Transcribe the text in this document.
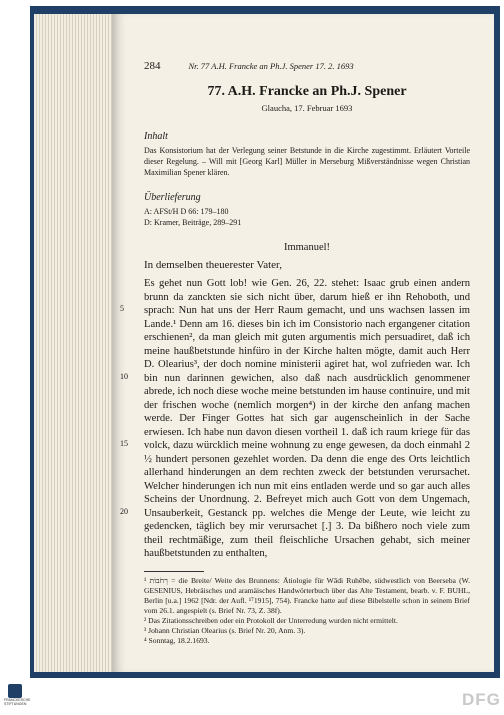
284	Nr. 77 A.H. Francke an Ph.J. Spener 17. 2. 1693
77. A.H. Francke an Ph.J. Spener

Glaucha, 17. Februar 1693

Inhalt

Das Konsistorium hat der Verlegung seiner Betstunde in die Kirche zugestimmt. Erläutert Vorteile dieser Regelung. – Will mit [Georg Karl] Müller in Merseburg Mißverständnisse wegen Christian Maximilian Spener klären.

Überlieferung

A: AFSt/H D 66: 179–180

D: Kramer, Beiträge, 289–291

Immanuel!

In demselben theuerester Vater,

5
10
15
20

Es gehet nun Gott lob! wie Gen. 26, 22. stehet: Isaac grub einen andern brunn da zanckten sie sich nicht über, darum hieß er ihn Rehoboth, und sprach: Nun hat uns der Herr Raum gemacht, und uns wachsen lassen im Lande.¹ Denn am 16. dieses bin ich im Consistorio nach ergangener citation erschienen², da man gleich mit guten argumentis mich persuadiret, daß ich meine haußbetstunde hinfüro in der Kirche halten mögte, damit auch Herr D. Olearius³, der doch nomine ministerii agiret hat, wol zufrieden war. Ich bin nun darinnen gewichen, also daß nach ausdrücklich genommener abrede, ich noch diese woche meine betstunden im hause continuire, und mit der frischen woche (nemlich morgen⁴) in der kirche den anfang machen werde. Der Finger Gottes hat sich gar augenscheinlich in der Sache erwiesen. Ich habe nun davon diesen vortheil 1. daß ich raum kriege für das volck, dazu würcklich meine wohnung zu enge gewesen, da doch einmahl 2 ½ hundert personen gezehlet worden. Da denn die enge des Orts leichtlich allerhand hinderungen an dem rechten zweck der betstunden verursachet. Welcher hinderungen ich nun mit eins entladen werde und so gar auch alles Scheins der Unordnung. 2. Befreyet mich auch Gott von dem Ungemach, Unsauberkeit, Gestanck pp. welches die Menge der Leute, wie leicht zu gedencken, täglich bey mir verursachet [.] 3. Da bißhero noch viele zum theil rechtmäßige, zum theil fleischliche Ursachen gehabt, sich meiner haußbetstunden zu enthalten,

¹ רְחֹבוֹת = die Breite/ Weite des Brunnens: Ätiologie für Wādi Ruhēbe, südwestlich von Beerseba (W. GESENIUS, Hebräisches und aramäisches Handwörterbuch über das Alte Testament, bearb. v. F. BUHL, Berlin [u.a.] 1962 [Ndr. der Aufl. ¹⁷1915], 754). Francke hatte auf diese Bibelstelle schon in seinem Brief vom 26.1. angespielt (s. Brief Nr. 73, Z. 38f).

² Das Zitationsschreiben oder ein Protokoll der Unterredung wurden nicht ermittelt.

³ Johann Christian Olearius (s. Brief Nr. 20, Anm. 3).

⁴ Sonntag, 18.2.1693.

FRANCKESCHE STIFTUNGEN	DFG
